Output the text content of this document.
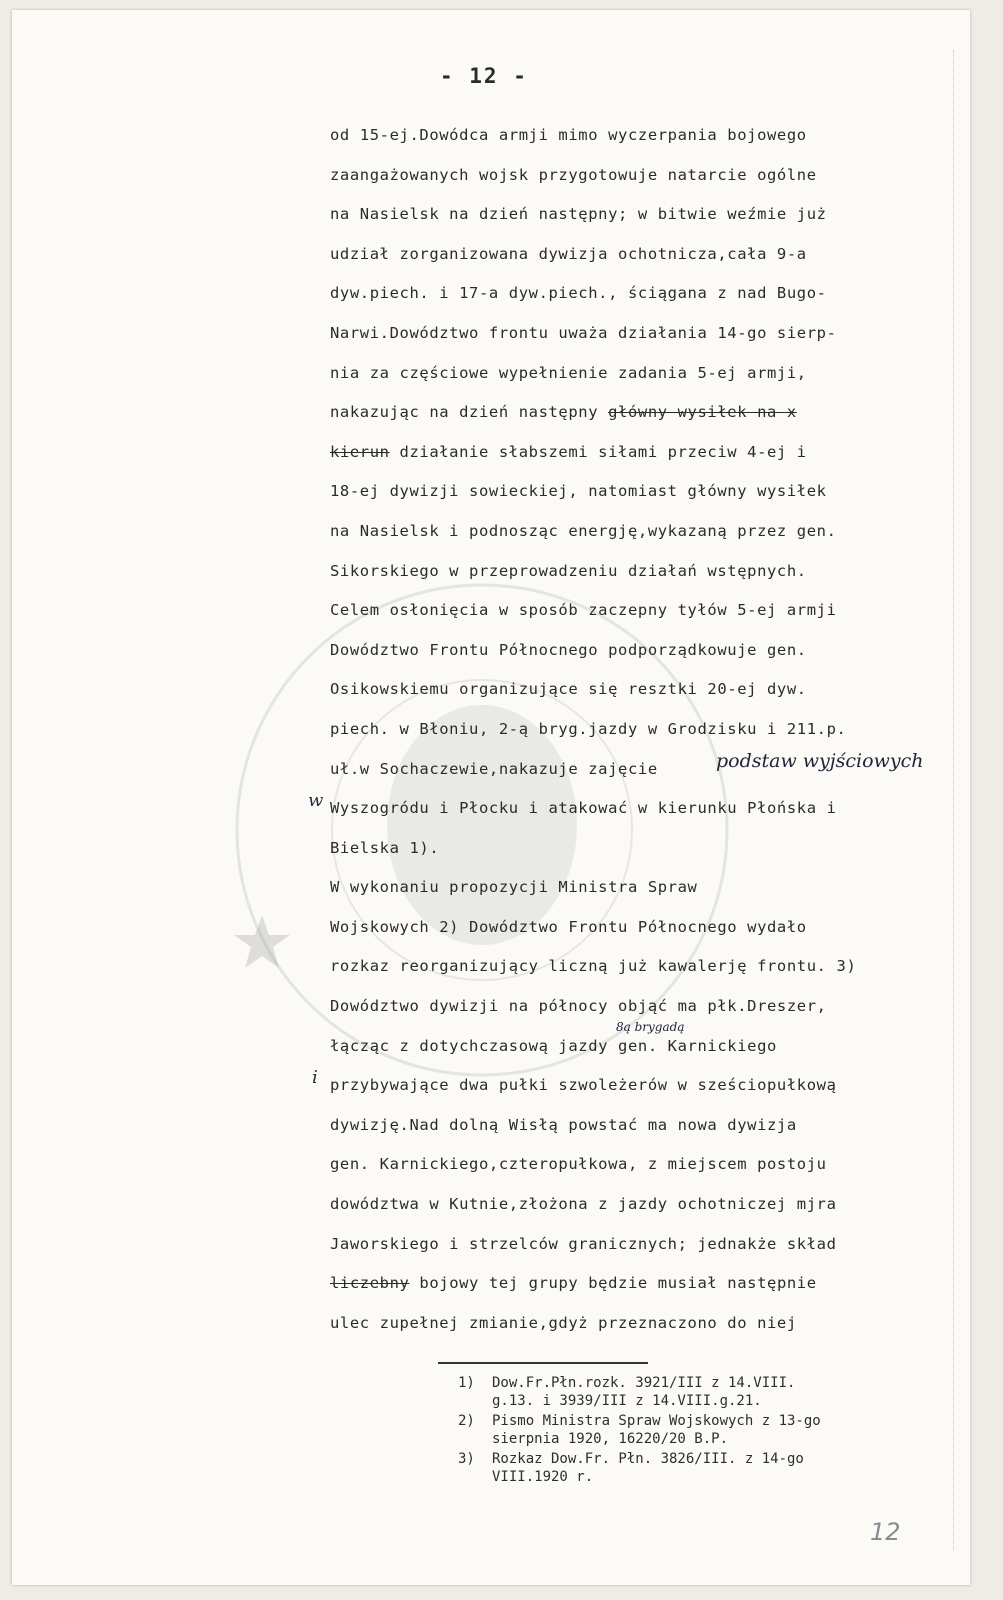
- 12 -
od 15-ej.Dowódca armji mimo wyczerpania bojowego
zaangażowanych wojsk przygotowuje natarcie ogólne
na Nasielsk na dzień następny; w bitwie weźmie już
udział zorganizowana dywizja ochotnicza,cała 9-a
dyw.piech. i 17-a dyw.piech., ściągana z nad Bugo-
Narwi.Dowództwo frontu uważa działania 14-go sierp-
nia za częściowe wypełnienie zadania 5-ej armji,
nakazując na dzień następny główny wysiłek na x
kierun działanie słabszemi siłami przeciw 4-ej i
18-ej dywizji sowieckiej, natomiast główny wysiłek
na Nasielsk i podnosząc energję,wykazaną przez gen.
Sikorskiego w przeprowadzeniu działań wstępnych.
Celem osłonięcia w sposób zaczepny tyłów 5-ej armji
Dowództwo Frontu Północnego podporządkowuje gen.
Osikowskiemu organizujące się resztki 20-ej dyw.
piech. w Błoniu, 2-ą bryg.jazdy w Grodzisku i 211.p.
uł.w Sochaczewie,nakazuje zajęcie
Wyszogródu i Płocku i atakować w kierunku Płońska i
Bielska 1).
W wykonaniu propozycji Ministra Spraw
Wojskowych 2) Dowództwo Frontu Północnego wydało
rozkaz reorganizujący liczną już kawalerję frontu. 3)
Dowództwo dywizji na północy objąć ma płk.Dreszer,
łącząc z dotychczasową jazdy gen. Karnickiego
przybywające dwa pułki szwoleżerów w sześciopułkową
dywizję.Nad dolną Wisłą powstać ma nowa dywizja
gen. Karnickiego,czteropułkowa, z miejscem postoju
dowództwa w Kutnie,złożona z jazdy ochotniczej mjra
Jaworskiego i strzelców granicznych; jednakże skład
liczebny bojowy tej grupy będzie musiał następnie
ulec zupełnej zmianie,gdyż przeznaczono do niej
w
i
podstaw wyjściowych
8ą brygadą
1)	Dow.Fr.Płn.rozk. 3921/III z 14.VIII.
g.13. i 3939/III z 14.VIII.g.21.
2)	Pismo Ministra Spraw Wojskowych z 13-go
sierpnia 1920, 16220/20 B.P.
3)	Rozkaz Dow.Fr. Płn. 3826/III. z 14-go
VIII.1920 r.
12
